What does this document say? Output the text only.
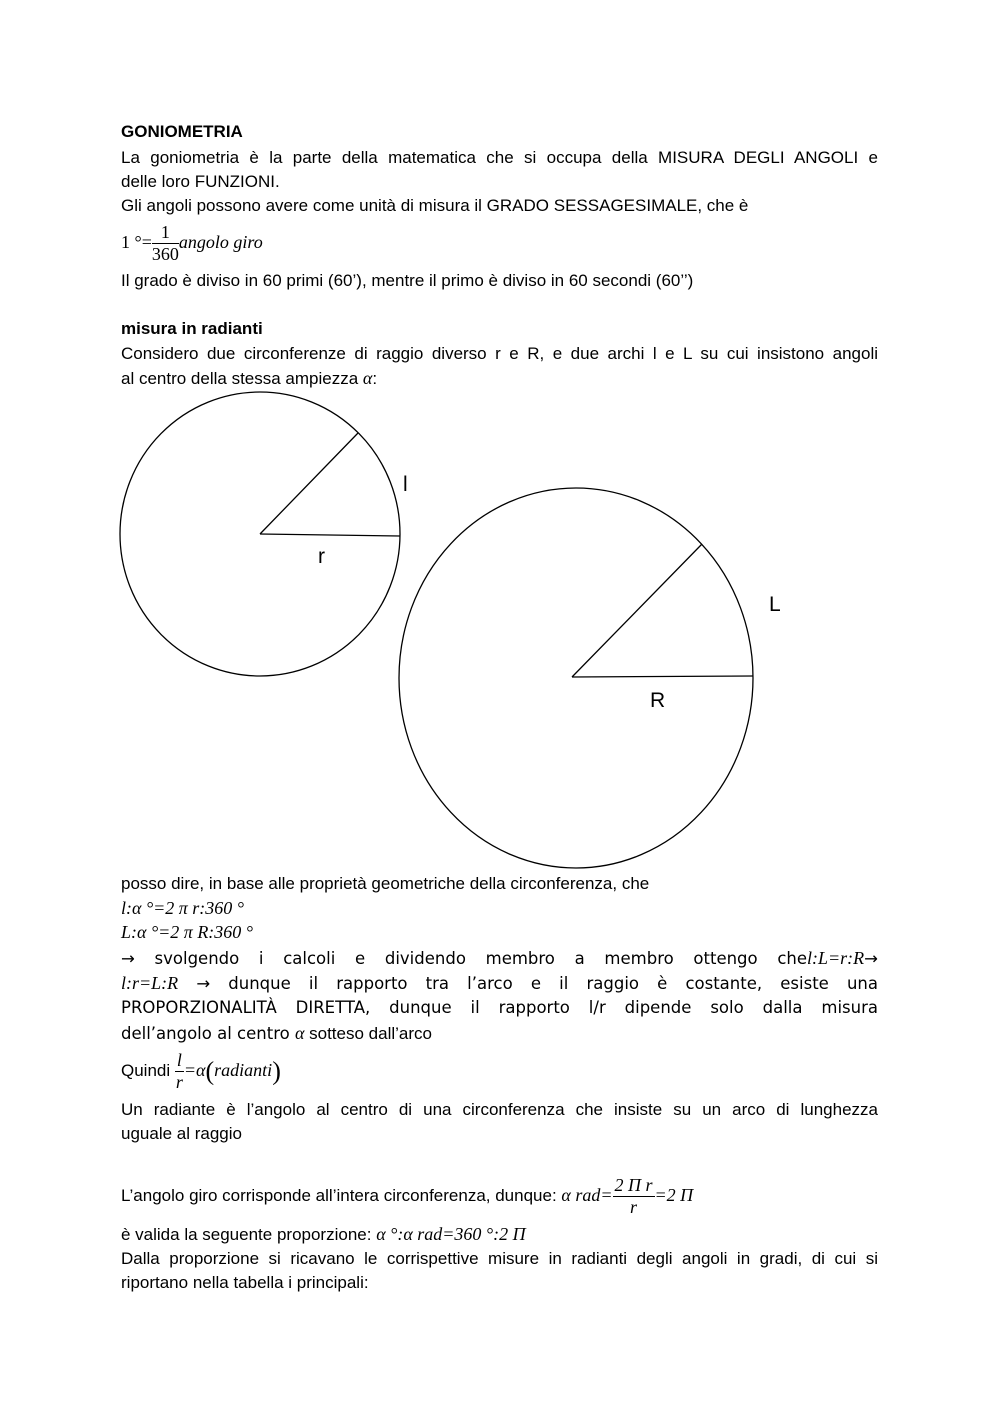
GONIOMETRIA
La goniometria è la parte della matematica che si occupa della MISURA DEGLI ANGOLI e
delle loro FUNZIONI.
Gli angoli possono avere come unità di misura il GRADO SESSAGESIMALE, che è
1 °= $\frac{1}{360}$ angolo giro
Il grado è diviso in 60 primi (60’), mentre il primo è diviso in 60 secondi (60’’)
misura in radianti
Considero due circonferenze di raggio diverso r e R, e due archi l e L su cui insistono angoli
al centro della stessa ampiezza α:
l
r
L
R
posso dire, in base alle proprietà geometriche della circonferenza, che
l:α °=2 π r:360 °
L:α °=2 π R:360 °
→ svolgendo i calcoli e dividendo membro a membro ottengo chel:L=r:R→
l:r=L:R → dunque il rapporto tra l’arco e il raggio è costante, esiste una
PROPORZIONALITÀ DIRETTA, dunque il rapporto l/r dipende solo dalla misura
dell’angolo al centro α sotteso dall’arco
Quindi $\frac{l}{r}$ =α(radianti)
Un radiante è l’angolo al centro di una circonferenza che insiste su un arco di lunghezza
uguale al raggio
L’angolo giro corrisponde all’intera circonferenza, dunque: α $rad= \frac{\text{2 Π r}}{r} =2$ Π
è valida la seguente proporzione: α °:α rad=360 °:2 Π
Dalla proporzione si ricavano le corrispettive misure in radianti degli angoli in gradi, di cui si
riportano nella tabella i principali:
